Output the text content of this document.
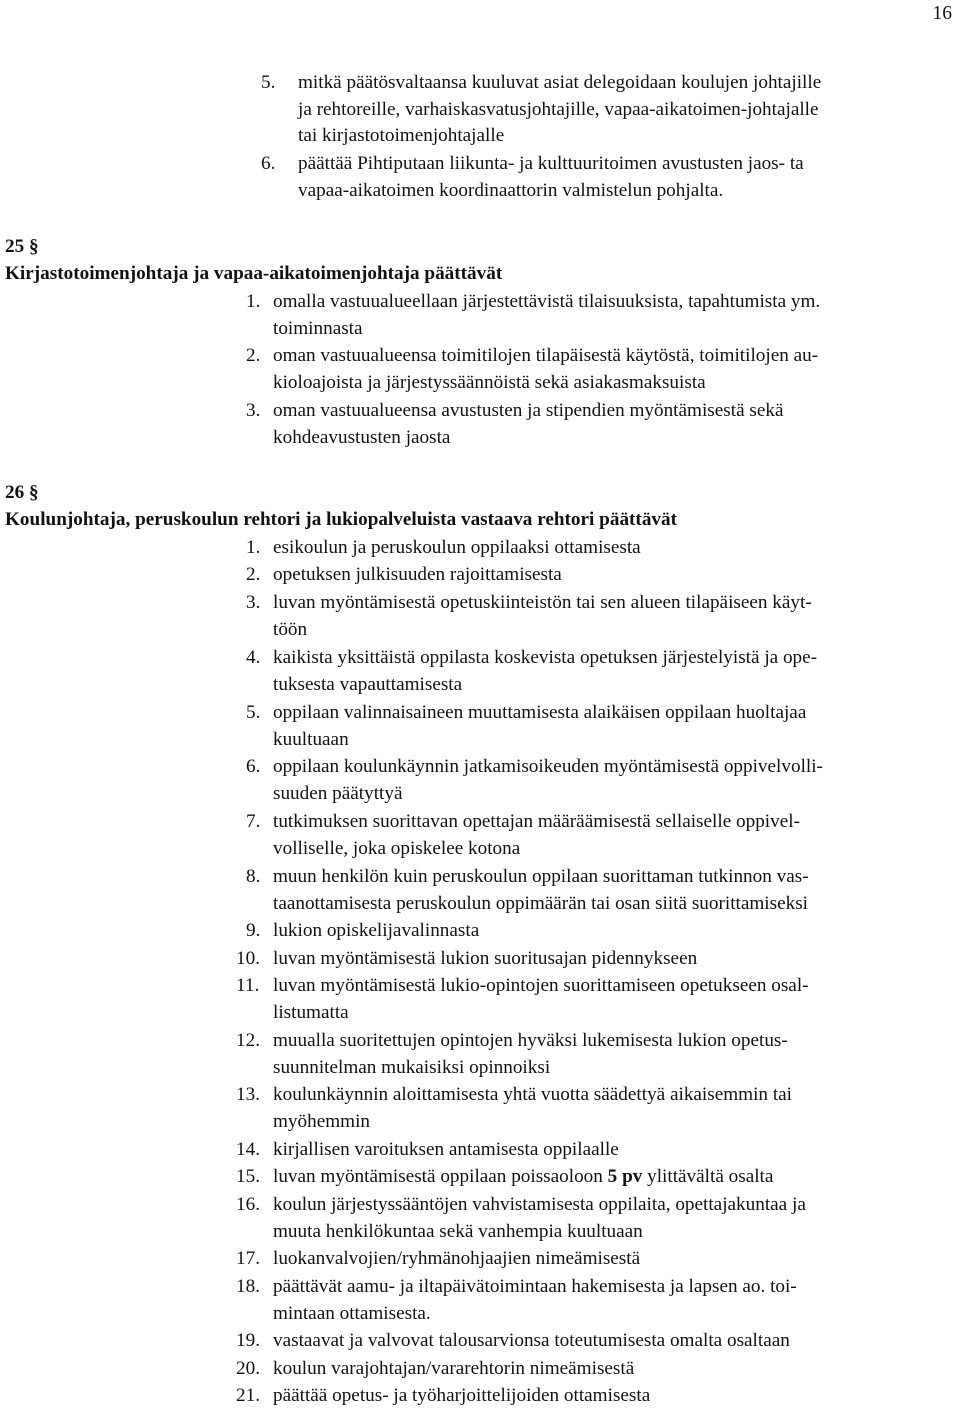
16
5. mitkä päätösvaltaansa kuuluvat asiat delegoidaan koulujen johtajille
ja rehtoreille, varhaiskasvatusjohtajille, vapaa-aikatoimen-johtajalle
tai kirjastotoimenjohtajalle
6. päättää Pihtiputaan liikunta- ja kulttuuritoimen avustusten jaos- ta
vapaa-aikatoimen koordinaattorin valmistelun pohjalta.
25 §
Kirjastotoimenjohtaja ja vapaa-aikatoimenjohtaja päättävät
1. omalla vastuualueellaan järjestettävistä tilaisuuksista, tapahtumista ym.
toiminnasta
2. oman vastuualueensa toimitilojen tilapäisestä käytöstä, toimitilojen au-
kioloajoista ja järjestyssäännöistä sekä asiakasmaksuista
3. oman vastuualueensa avustusten ja stipendien myöntämisestä sekä
kohdeavustusten jaosta
26 §
Koulunjohtaja, peruskoulun rehtori ja lukiopalveluista vastaava rehtori päättävät
1. esikoulun ja peruskoulun oppilaaksi ottamisesta
2. opetuksen julkisuuden rajoittamisesta
3. luvan myöntämisestä opetuskiinteistön tai sen alueen tilapäiseen käyt-
töön
4. kaikista yksittäistä oppilasta koskevista opetuksen järjestelyistä ja ope-
tuksesta vapauttamisesta
5. oppilaan valinnaisaineen muuttamisesta alaikäisen oppilaan huoltajaa
kuultuaan
6. oppilaan koulunkäynnin jatkamisoikeuden myöntämisestä oppivelvolli-
suuden päätyttyä
7. tutkimuksen suorittavan opettajan määräämisestä sellaiselle oppivel-
volliselle, joka opiskelee kotona
8. muun henkilön kuin peruskoulun oppilaan suorittaman tutkinnon vas-
taanottamisesta peruskoulun oppimäärän tai osan siitä suorittamiseksi
9. lukion opiskelijavalinnasta
10. luvan myöntämisestä lukion suoritusajan pidennykseen
11. luvan myöntämisestä lukio-opintojen suorittamiseen opetukseen osal-
listumatta
12. muualla suoritettujen opintojen hyväksi lukemisesta lukion opetus-
suunnitelman mukaisiksi opinnoiksi
13. koulunkäynnin aloittamisesta yhtä vuotta säädettyä aikaisemmin tai
myöhemmin
14. kirjallisen varoituksen antamisesta oppilaalle
15. luvan myöntämisestä oppilaan poissaoloon 5 pv ylittävältä osalta
16. koulun järjestyssääntöjen vahvistamisesta oppilaita, opettajakuntaa ja
muuta henkilökuntaa sekä vanhempia kuultuaan
17. luokanvalvojien/ryhmänohjaajien nimeämisestä
18. päättävät aamu- ja iltapäivätoimintaan hakemisesta ja lapsen ao. toi-
mintaan ottamisesta.
19. vastaavat ja valvovat talousarvionsa toteutumisesta omalta osaltaan
20. koulun varajohtajan/vararehtorin nimeämisestä
21. päättää opetus- ja työharjoittelijoiden ottamisesta
